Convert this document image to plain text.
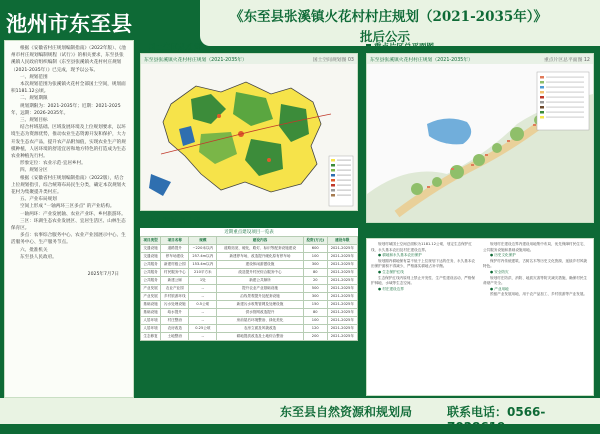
池州市东至县	《东至县张溪镇火花村村庄规划（2021-2035年）》
批后公示

根据《安徽省村庄规划编制指南》（2022年版）、《池州市村庄规划编制规程（试行）》的相关要求，东至县张溪镇人民政府组织编制《东至县张溪镇火花村村庄规划（2021-2035年）》已完成，现予以公布。

一、规划范围

本次规划范围为张溪镇火花村全部国土空间，规划面积1181.12公顷。

二、规划期限

规划期限为：2021-2035年；近期：2021-2025年，远期：2026-2035年。

三、规划目标

结合村域基础、区域发展环境及上位规划要求，以环境生态为资源优势，推动农业生态资源开发和保护，大力开发生态农产品，提升农产品附加值，实现农业生产的规模种植，人居环境的舒适宜居和地方特色的打造成为生态农业种植先行村。

形象定位：农业示范·宜居乡村。

四、规划分区

根据《安徽省村庄规划编制指南》（2022版），结合上位规划指引，综合统筹布局民生分类，确定本次规划火花村为集聚提升类村庄。

五、产业布局规划

空间上形成 "一轴两环三区多点" 的产业结构。

一轴两环：产业发展轴、农业产业环、乡村旅游环。

三区：环湖生态农业发展区、宜居生活区、山林生态保育区。

多点：农事综合服务中心、农业产业园展示中心、生活服务中心、生产服务节点。

六、批准机关

东至县人民政府。

2025年7月7日
国土空间规划图
东至县张溪镇火花村村庄规划（2021-2035年）	国土空间规划图 03
重点片区总平面图
东至县张溪镇火花村村庄规划（2021-2035年）	重点片区总平面图 12
近期建设项目表
近期重点建设项目一览表
项目类型	项目名称	规模	建设内容	投资(万元)	建设年限
交通设施	道路提升	~220米以内	道路拓宽、硬化，路灯、标识等配套设施建设	600	2021-2025年
交通设施	停车场建设	257.4m以内	新建停车场，改造提升硬化原有停车场	100	2021-2025年
公共服务	新建村级公园	153.4m以内	建设休闲游憩设施	300	2021-2025年
公共服务	村民服务中心	210平方米	改造提升村民综合服务中心	80	2021-2025年
公共服务	新建公厕	1处	新建公共厕所	20	2021-2025年
产业发展	农业产业园	--	提升农业产业基础设施	500	2021-2025年
产业发展	乡村旅游环线	--	沿线景观提升及配套设施	300	2021-2025年
基础设施	污水处理设施	0.5公顷	新建污水收集管网及处理设施	150	2021-2025年
基础设施	给水提升	--	供水管网改造提升	80	2021-2025年
人居环境	村庄整治	--	房前屋后环境整治、绿化美化	100	2021-2025年
人居环境	农房改造	0.25公顷	农房立面及风貌改造	120	2021-2025年
生态修复	土地整治	--	耕地提质改造及土地综合整治	200	2021-2025年
空间管控规划

规划村域国土空间总面积为1181.12公顷，划定生态保护红线、永久基本农田及村庄建设边界。

● 耕地和永久基本农田保护

规划期内耕地保有量不低于上位规划下达的任务，永久基本农田保护面积不得减少，严格落实耕地占补平衡。

● 生态保护红线

生态保护红线内原则上禁止开发性、生产性建设活动，严格保护林地、水域等生态空间。

● 村庄建设边界

规划村庄建设边界内建设用地集中布局，优先保障村民住宅、公共服务设施和基础设施用地。

● 历史文化保护

保护村内传统建筑、古树名木等历史文化资源，延续乡村风貌特色。

● 安全防灾

规划村庄防洪、消防、地质灾害等防灾减灾措施，确保村民生命财产安全。

● 产业用地

预留产业发展用地，用于农产品加工、乡村旅游等产业发展。

东至县自然资源和规划局	联系电话：0566-7028619
